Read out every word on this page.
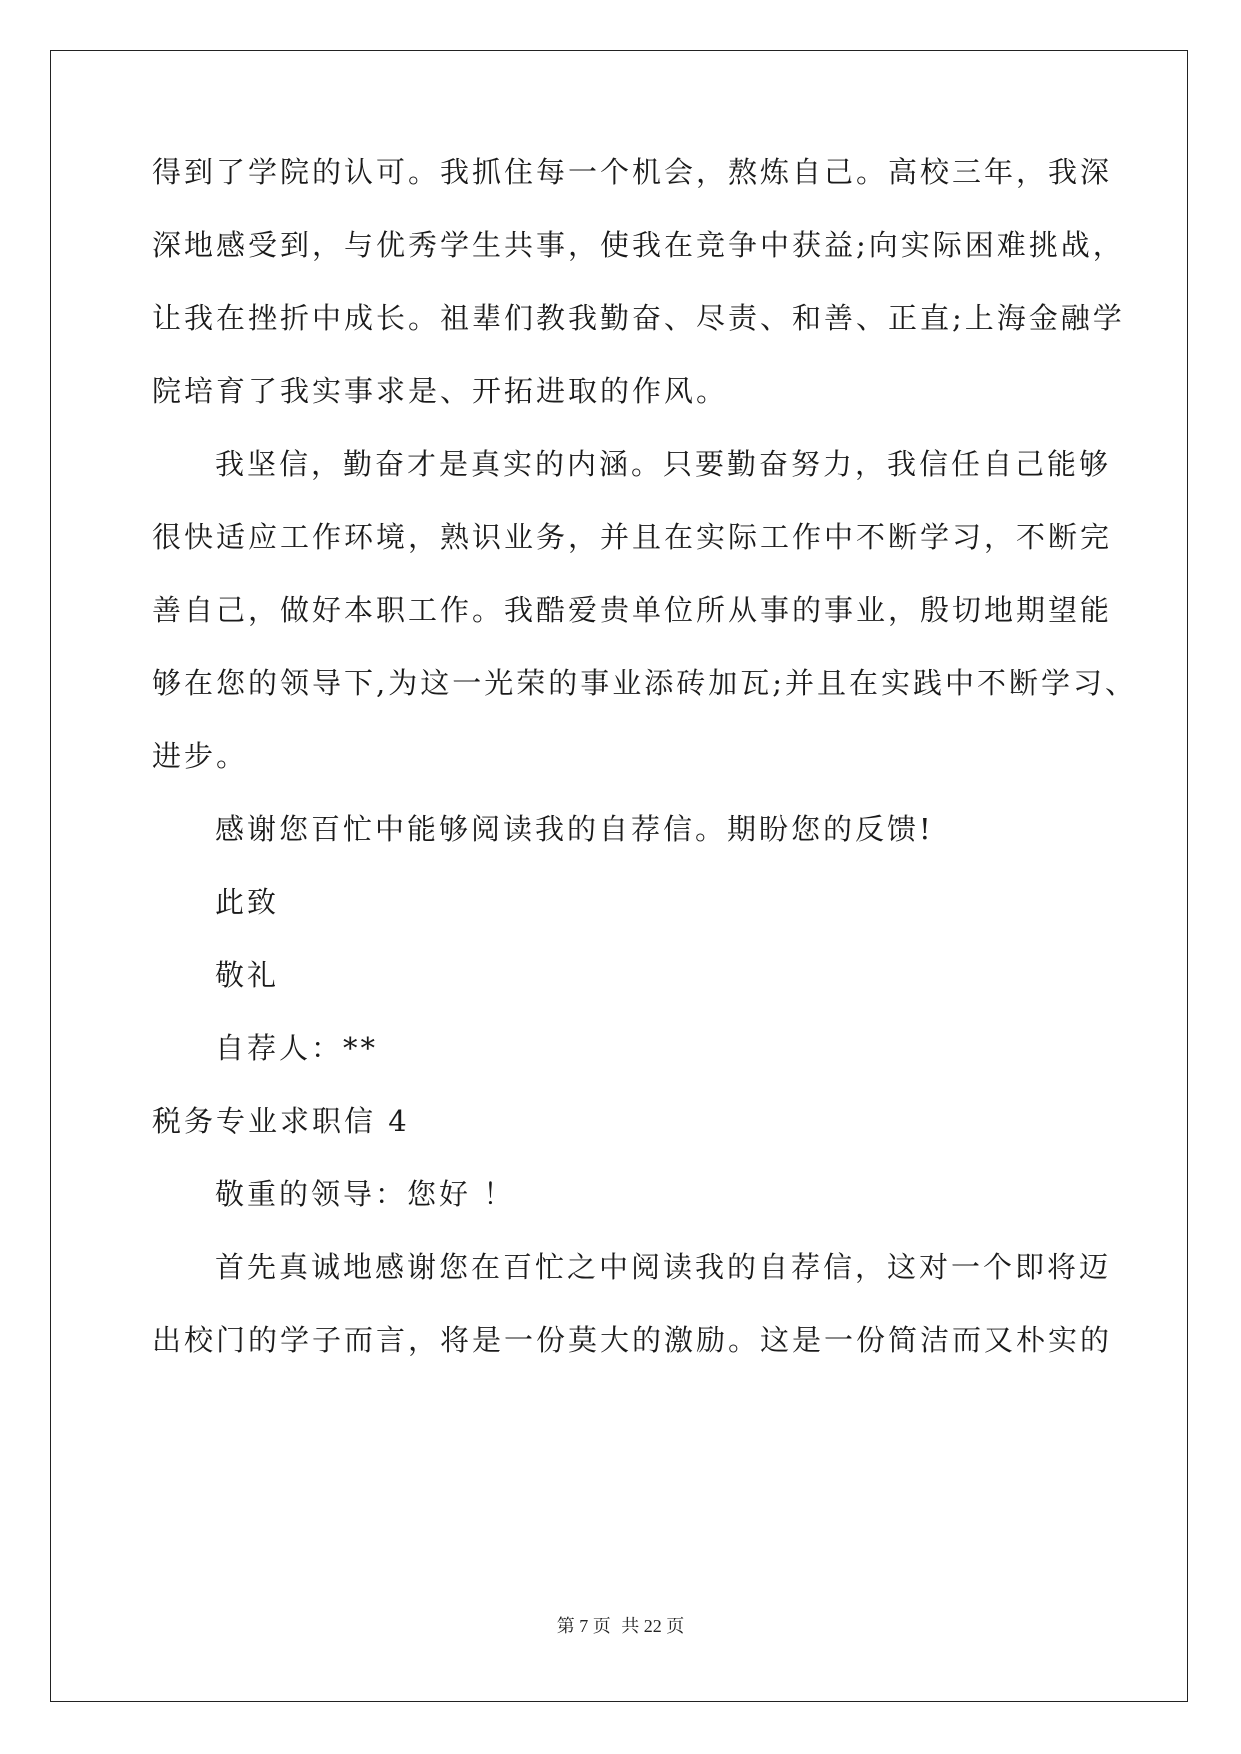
得到了学院的认可。我抓住每一个机会，熬炼自己。高校三年，我深
深地感受到，与优秀学生共事，使我在竞争中获益;向实际困难挑战，
让我在挫折中成长。祖辈们教我勤奋、尽责、和善、正直;上海金融学
院培育了我实事求是、开拓进取的作风。
我坚信，勤奋才是真实的内涵。只要勤奋努力，我信任自己能够
很快适应工作环境，熟识业务，并且在实际工作中不断学习，不断完
善自己，做好本职工作。我酷爱贵单位所从事的事业，殷切地期望能
够在您的领导下,为这一光荣的事业添砖加瓦;并且在实践中不断学习、
进步。
感谢您百忙中能够阅读我的自荐信。期盼您的反馈!
此致
敬礼
自荐人：**
税务专业求职信 4
敬重的领导：您好 ！
首先真诚地感谢您在百忙之中阅读我的自荐信，这对一个即将迈
出校门的学子而言，将是一份莫大的激励。这是一份简洁而又朴实的
第 7 页 共 22 页
